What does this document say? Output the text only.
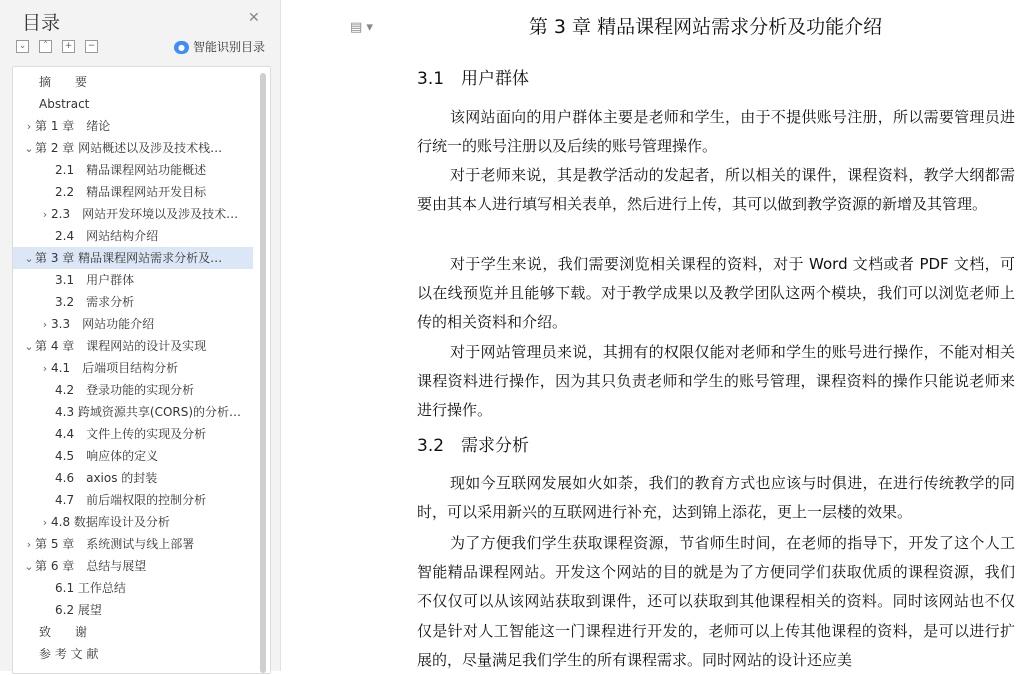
目录	✕
⌄ ˄ + −	● 智能识别目录
摘　　要
Abstract
› 第 1 章　绪论
⌄第 2 章 网站概述以及涉及技术栈…
2.1　精品课程网站功能概述
2.2　精品课程网站开发目标
› 2.3　网站开发环境以及涉及技术…
2.4　网站结构介绍
⌄第 3 章 精品课程网站需求分析及…
3.1　用户群体
3.2　需求分析
› 3.3　网站功能介绍
⌄第 4 章　课程网站的设计及实现
› 4.1　后端项目结构分析
4.2　登录功能的实现分析
4.3 跨域资源共享(CORS)的分析…
4.4　文件上传的实现及分析
4.5　响应体的定义
4.6　axios 的封装
4.7　前后端权限的控制分析
› 4.8 数据库设计及分析
› 第 5 章　系统测试与线上部署
⌄第 6 章　总结与展望
6.1 工作总结
6.2 展望
致　　谢
参 考 文 献
▤ ▾	第 3 章 精品课程网站需求分析及功能介绍
3.1　用户群体
该网站面向的用户群体主要是老师和学生，由于不提供账号注册，所以需要管理员进行统一的账号注册以及后续的账号管理操作。
对于老师来说，其是教学活动的发起者，所以相关的课件，课程资料，教学大纲都需要由其本人进行填写相关表单，然后进行上传，其可以做到教学资源的新增及其管理。
对于学生来说，我们需要浏览相关课程的资料，对于 Word 文档或者 PDF 文档，可以在线预览并且能够下载。对于教学成果以及教学团队这两个模块，我们可以浏览老师上传的相关资料和介绍。
对于网站管理员来说，其拥有的权限仅能对老师和学生的账号进行操作，不能对相关课程资料进行操作，因为其只负责老师和学生的账号管理，课程资料的操作只能说老师来进行操作。
3.2　需求分析
现如今互联网发展如火如荼，我们的教育方式也应该与时俱进，在进行传统教学的同时，可以采用新兴的互联网进行补充，达到锦上添花，更上一层楼的效果。
为了方便我们学生获取课程资源，节省师生时间，在老师的指导下，开发了这个人工智能精品课程网站。开发这个网站的目的就是为了方便同学们获取优质的课程资源，我们不仅仅可以从该网站获取到课件，还可以获取到其他课程相关的资料。同时该网站也不仅仅是针对人工智能这一门课程进行开发的，老师可以上传其他课程的资料，是可以进行扩展的，尽量满足我们学生的所有课程需求。同时网站的设计还应美
